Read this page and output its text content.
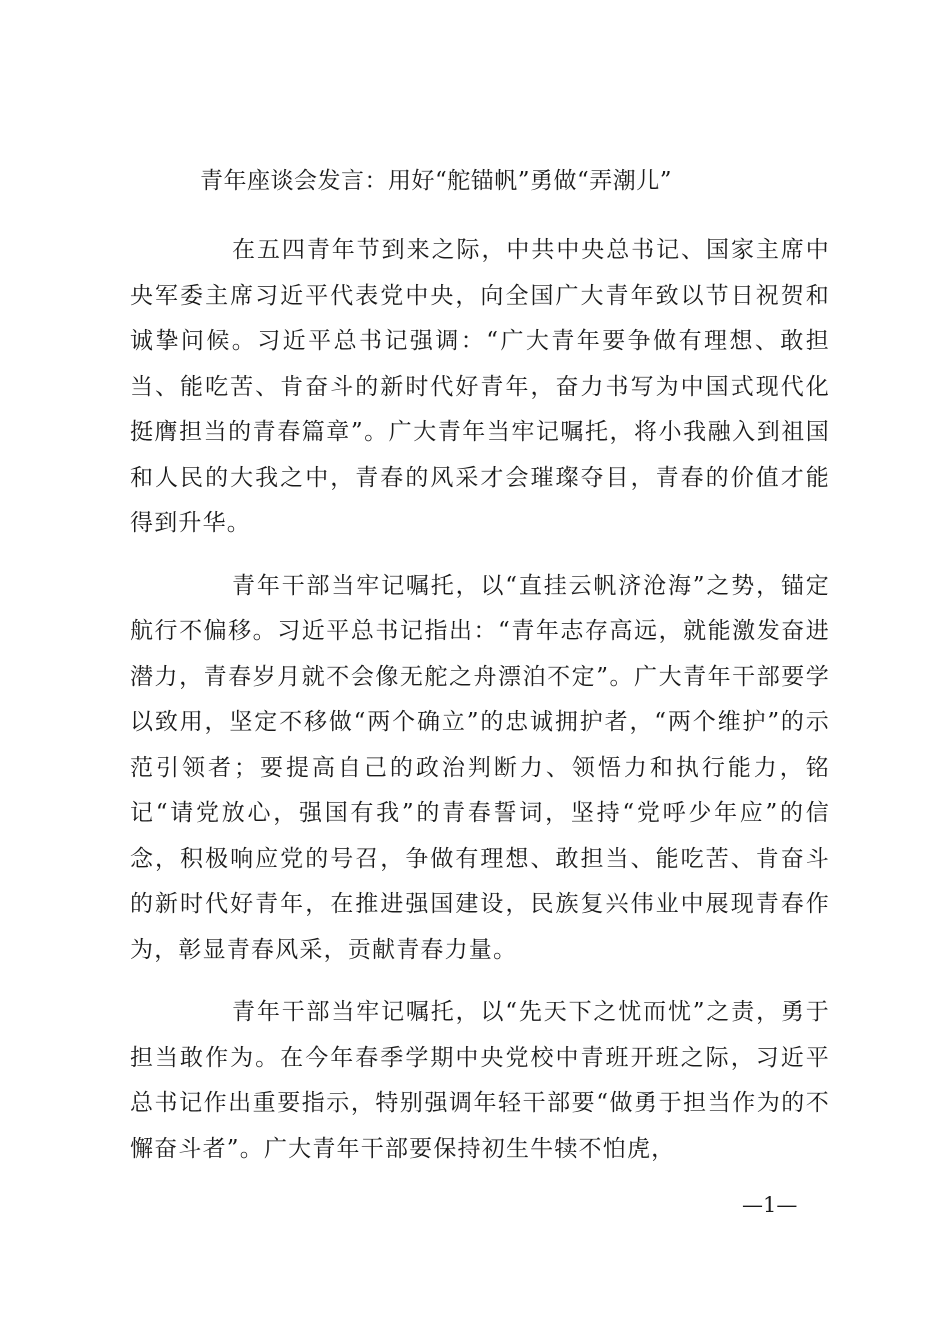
青年座谈会发言：用好“舵锚帆”勇做“弄潮儿”

在五四青年节到来之际，中共中央总书记、国家主席中央军委主席习近平代表党中央，向全国广大青年致以节日祝贺和诚挚问候。习近平总书记强调：“广大青年要争做有理想、敢担当、能吃苦、肯奋斗的新时代好青年，奋力书写为中国式现代化挺膺担当的青春篇章”。广大青年当牢记嘱托，将小我融入到祖国和人民的大我之中，青春的风采才会璀璨夺目，青春的价值才能得到升华。

青年干部当牢记嘱托，以“直挂云帆济沧海”之势，锚定航行不偏移。习近平总书记指出：“青年志存高远，就能激发奋进潜力，青春岁月就不会像无舵之舟漂泊不定”。广大青年干部要学以致用，坚定不移做“两个确立”的忠诚拥护者，“两个维护”的示范引领者；要提高自己的政治判断力、领悟力和执行能力，铭记“请党放心，强国有我”的青春誓词，坚持“党呼少年应”的信念，积极响应党的号召，争做有理想、敢担当、能吃苦、肯奋斗的新时代好青年，在推进强国建设，民族复兴伟业中展现青春作为，彰显青春风采，贡献青春力量。

青年干部当牢记嘱托，以“先天下之忧而忧”之责，勇于担当敢作为。在今年春季学期中央党校中青班开班之际，习近平总书记作出重要指示，特别强调年轻干部要“做勇于担当作为的不懈奋斗者”。广大青年干部要保持初生牛犊不怕虎，

—1—
